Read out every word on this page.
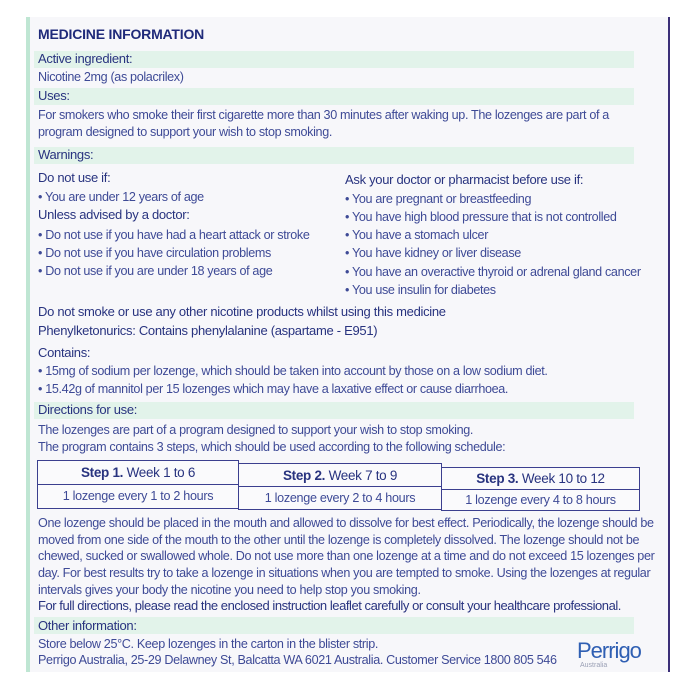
MEDICINE INFORMATION
Active ingredient:
Nicotine 2mg (as polacrilex)
Uses:
For smokers who smoke their first cigarette more than 30 minutes after waking up. The lozenges are part of a
program designed to support your wish to stop smoking.
Warnings:
Do not use if:
• You are under 12 years of age
Unless advised by a doctor:
• Do not use if you have had a heart attack or stroke
• Do not use if you have circulation problems
• Do not use if you are under 18 years of age
Ask your doctor or pharmacist before use if:
• You are pregnant or breastfeeding
• You have high blood pressure that is not controlled
• You have a stomach ulcer
• You have kidney or liver disease
• You have an overactive thyroid or adrenal gland cancer
• You use insulin for diabetes
Do not smoke or use any other nicotine products whilst using this medicine
Phenylketonurics: Contains phenylalanine (aspartame - E951)
Contains:
• 15mg of sodium per lozenge, which should be taken into account by those on a low sodium diet.
• 15.42g of mannitol per 15 lozenges which may have a laxative effect or cause diarrhoea.
Directions for use:
The lozenges are part of a program designed to support your wish to stop smoking.
The program contains 3 steps, which should be used according to the following schedule:
Step 1. Week 1 to 6
1 lozenge every 1 to 2 hours
Step 2. Week 7 to 9
1 lozenge every 2 to 4 hours
Step 3. Week 10 to 12
1 lozenge every 4 to 8 hours
One lozenge should be placed in the mouth and allowed to dissolve for best effect. Periodically, the lozenge should be
moved from one side of the mouth to the other until the lozenge is completely dissolved. The lozenge should not be
chewed, sucked or swallowed whole. Do not use more than one lozenge at a time and do not exceed 15 lozenges per
day. For best results try to take a lozenge in situations when you are tempted to smoke. Using the lozenges at regular
intervals gives your body the nicotine you need to help stop you smoking.
For full directions, please read the enclosed instruction leaflet carefully or consult your healthcare professional.
Other information:
Store below 25°C. Keep lozenges in the carton in the blister strip.
Perrigo Australia, 25-29 Delawney St, Balcatta WA 6021 Australia. Customer Service 1800 805 546 Perrigo
Australia
